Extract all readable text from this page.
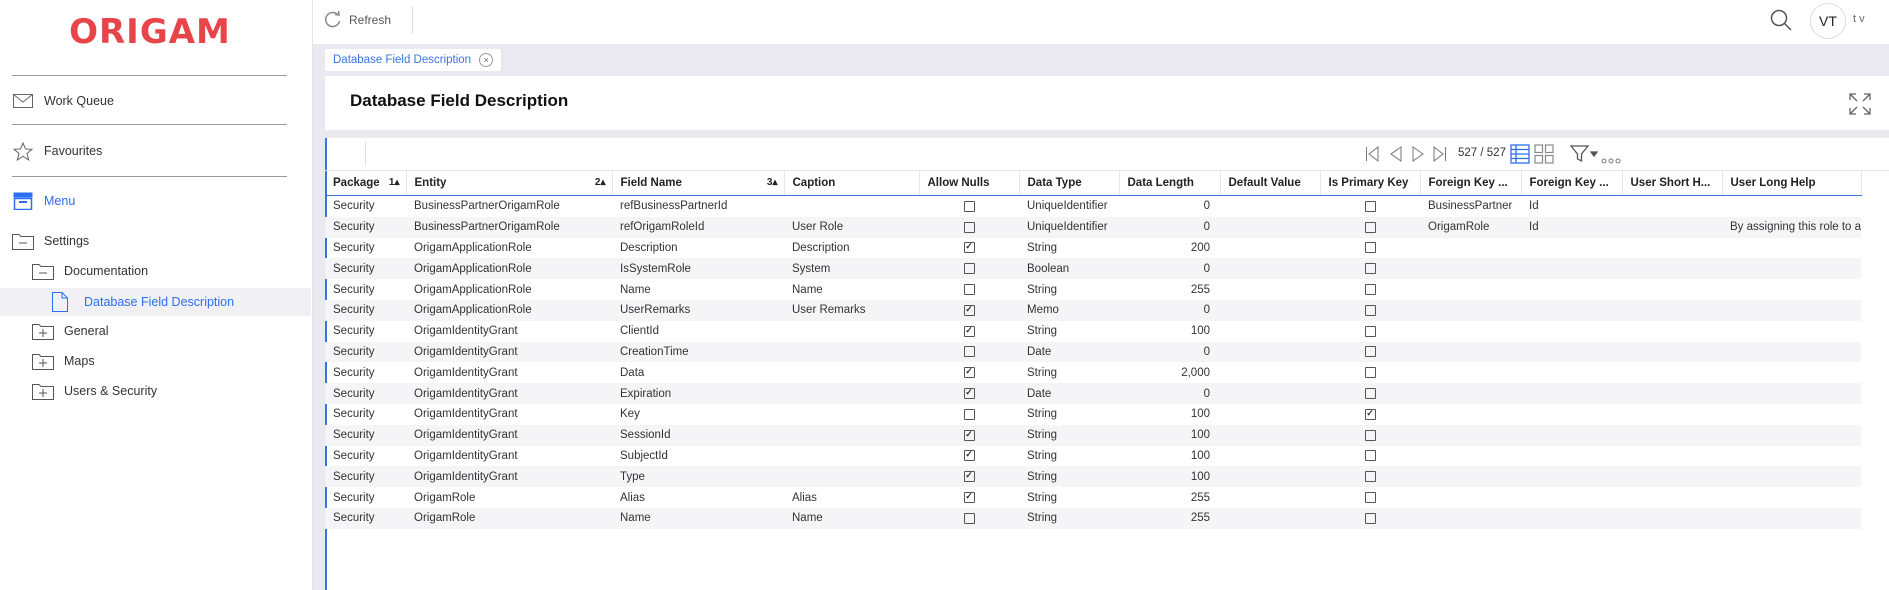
ORIGAM
Work Queue
Favourites
Menu
Settings
Documentation
Database Field Description
General
Maps
Users & Security
Refresh	VT	t v
Database Field Description	×
Database Field Description
527 / 527
Package 1▴	Entity 2▴	Field Name 3▴	Caption	Allow Nulls	Data Type	Data Length	Default Value	Is Primary Key	Foreign Key ...	Foreign Key ...	User Short H...	User Long Help
Security	BusinessPartnerOrigamRole	refBusinessPartnerId			UniqueIdentifier	0			BusinessPartner	Id		
Security	BusinessPartnerOrigamRole	refOrigamRoleId	User Role		UniqueIdentifier	0			OrigamRole	Id		By assigning this role to a
Security	OrigamApplicationRole	Description	Description	✓	String	200						
Security	OrigamApplicationRole	IsSystemRole	System		Boolean	0						
Security	OrigamApplicationRole	Name	Name		String	255						
Security	OrigamApplicationRole	UserRemarks	User Remarks	✓	Memo	0						
Security	OrigamIdentityGrant	ClientId		✓	String	100						
Security	OrigamIdentityGrant	CreationTime			Date	0						
Security	OrigamIdentityGrant	Data		✓	String	2,000						
Security	OrigamIdentityGrant	Expiration		✓	Date	0						
Security	OrigamIdentityGrant	Key			String	100		✓				
Security	OrigamIdentityGrant	SessionId		✓	String	100						
Security	OrigamIdentityGrant	SubjectId		✓	String	100						
Security	OrigamIdentityGrant	Type		✓	String	100						
Security	OrigamRole	Alias	Alias	✓	String	255						
Security	OrigamRole	Name	Name		String	255						
